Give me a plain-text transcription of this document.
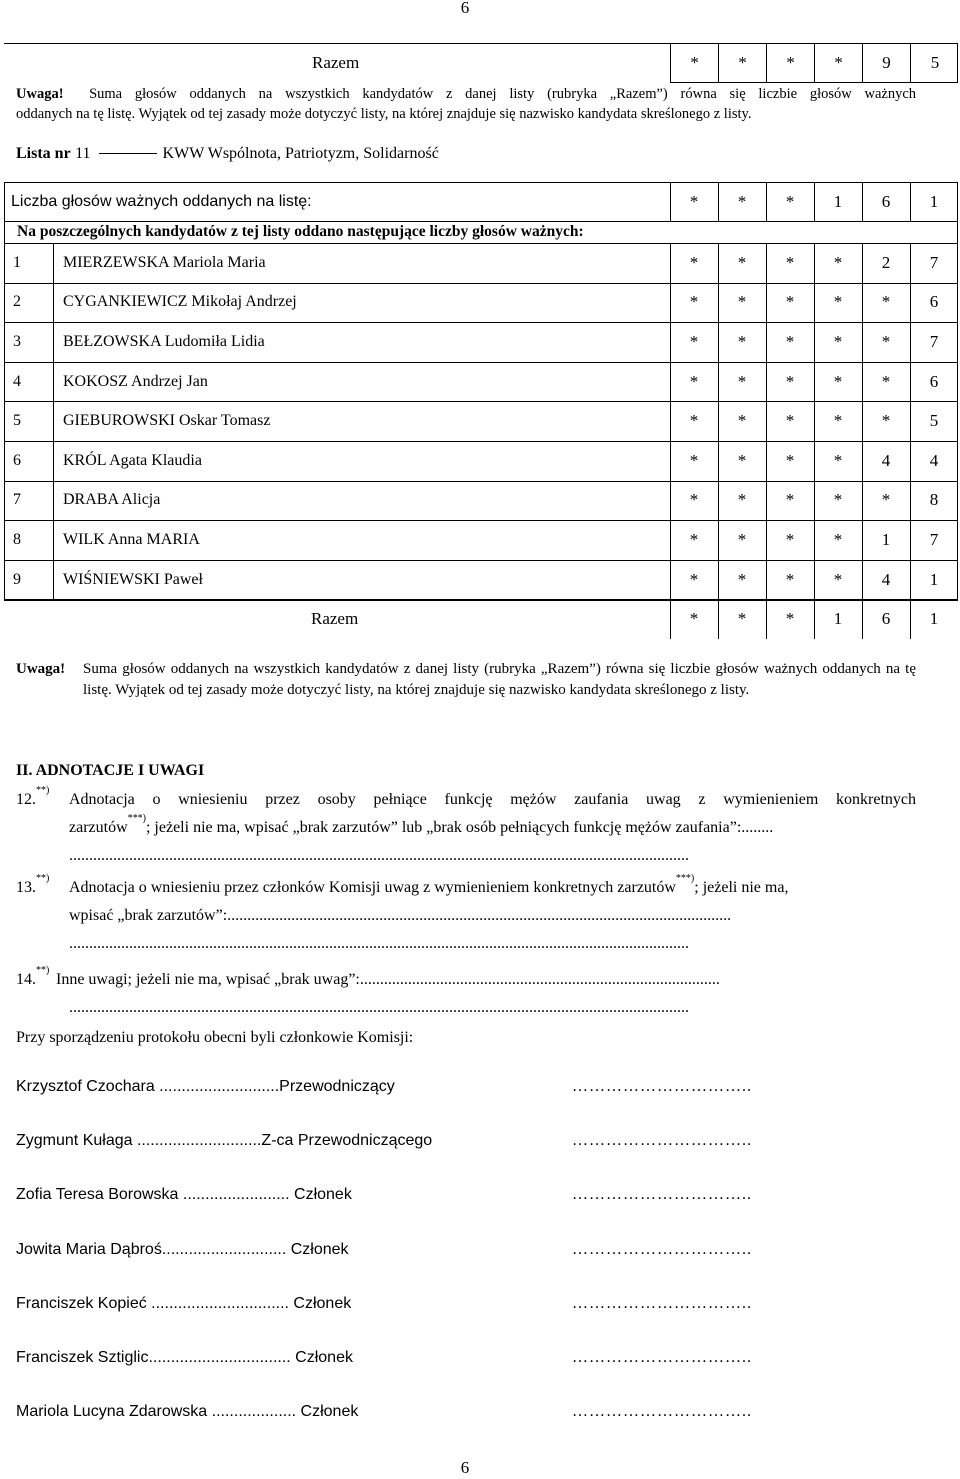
6
Razem	*	*	*	*	9	5
Uwaga! Suma głosów oddanych na wszystkich kandydatów z danej listy (rubryka „Razem”) równa się liczbie głosów ważnych
oddanych na tę listę. Wyjątek od tej zasady może dotyczyć listy, na której znajduje się nazwisko kandydata skreślonego z listy.
Lista nr 11	KWW Wspólnota, Patriotyzm, Solidarność
Liczba głosów ważnych oddanych na listę:	*	*	*	1	6	1
Na poszczególnych kandydatów z tej listy oddano następujące liczby głosów ważnych:
1	MIERZEWSKA Mariola Maria	*	*	*	*	2	7
2	CYGANKIEWICZ Mikołaj Andrzej	*	*	*	*	*	6
3	BEŁZOWSKA Ludomiła Lidia	*	*	*	*	*	7
4	KOKOSZ Andrzej Jan	*	*	*	*	*	6
5	GIEBUROWSKI Oskar Tomasz	*	*	*	*	*	5
6	KRÓL Agata Klaudia	*	*	*	*	4	4
7	DRABA Alicja	*	*	*	*	*	8
8	WILK Anna MARIA	*	*	*	*	1	7
9	WIŚNIEWSKI Paweł	*	*	*	*	4	1
Razem	*	*	*	1	6	1
Uwaga! Suma głosów oddanych na wszystkich kandydatów z danej listy (rubryka „Razem”) równa się liczbie głosów ważnych oddanych na tę listę. Wyjątek od tej zasady może dotyczyć listy, na której znajduje się nazwisko kandydata skreślonego z listy.
II. ADNOTACJE I UWAGI
12.**)
Adnotacja o wniesieniu przez osoby pełniące funkcję mężów zaufania uwag z wymienieniem konkretnych
zarzutów***); jeżeli nie ma, wpisać „brak zarzutów” lub „brak osób pełniących funkcję mężów zaufania”:........
...........................................................................................................................................................
13.**)
Adnotacja o wniesieniu przez członków Komisji uwag z wymienieniem konkretnych zarzutów***); jeżeli nie ma,
wpisać „brak zarzutów”:..............................................................................................................................
...........................................................................................................................................................
14.**)
Inne uwagi; jeżeli nie ma, wpisać „brak uwag”:..........................................................................................
...........................................................................................................................................................
Przy sporządzeniu protokołu obecni byli członkowie Komisji:
Krzysztof Czochara ...........................Przewodniczący	…………………………..
Zygmunt Kułaga ............................Z-ca Przewodniczącego	…………………………..
Zofia Teresa Borowska ........................ Członek	…………………………..
Jowita Maria Dąbroś............................ Członek	…………………………..
Franciszek Kopieć ............................... Członek	…………………………..
Franciszek Sztiglic................................ Członek	…………………………..
Mariola Lucyna Zdarowska ................... Członek	…………………………..
6
